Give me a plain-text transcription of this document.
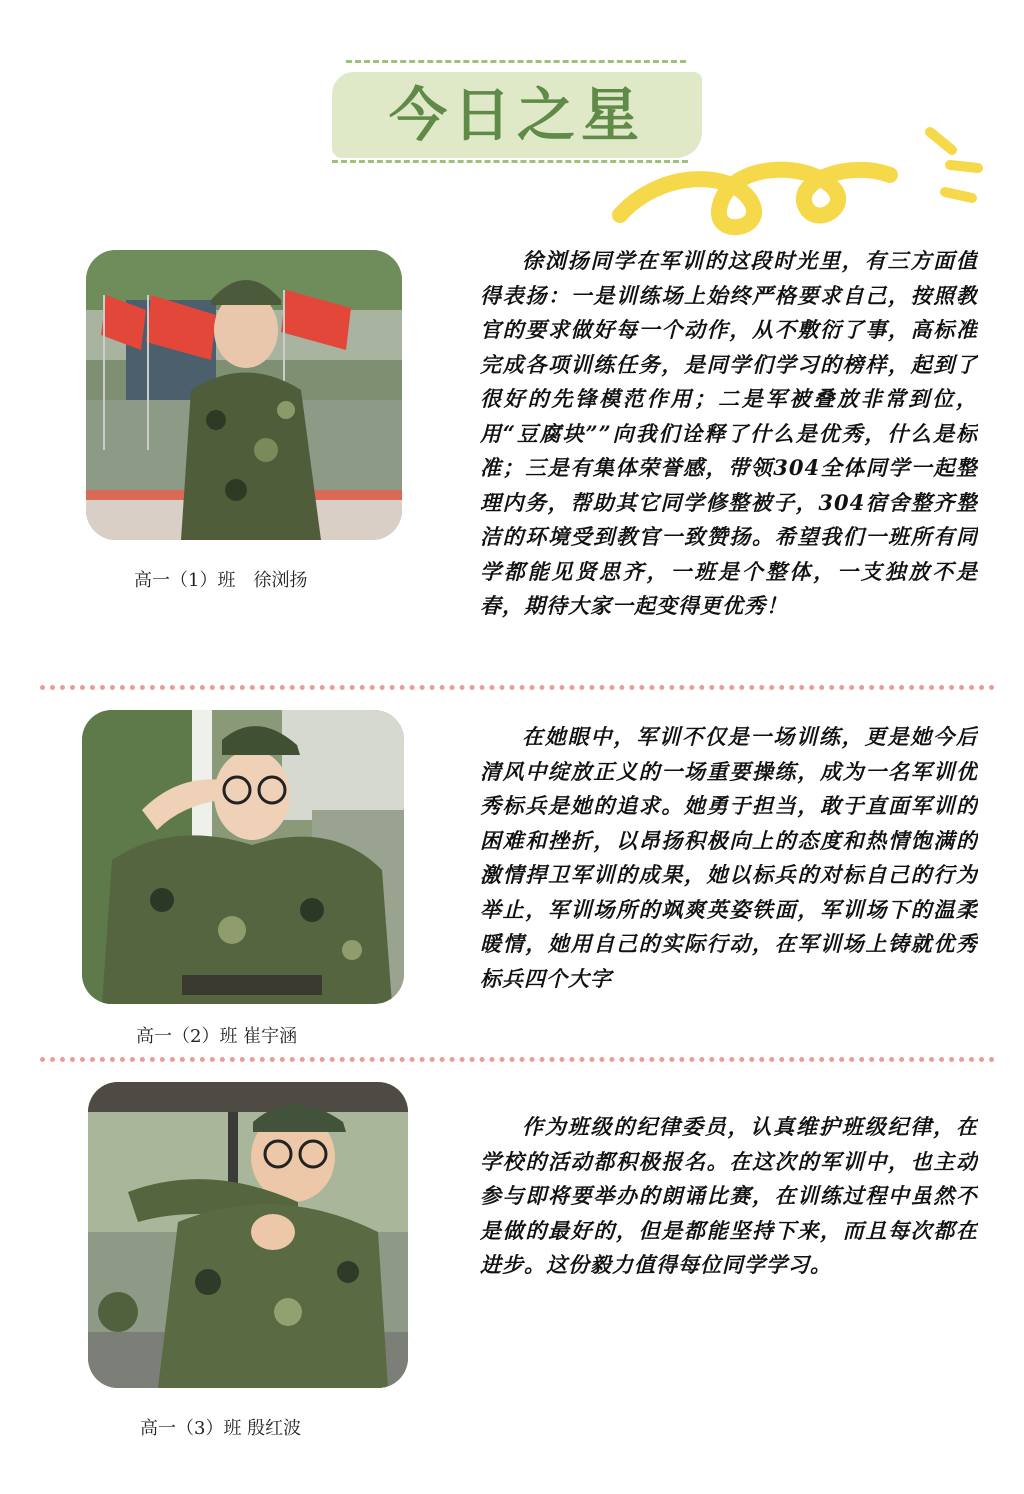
今日之星
高一（1）班　徐浏扬
徐浏扬同学在军训的这段时光里，有三方面值得表扬：一是训练场上始终严格要求自己，按照教官的要求做好每一个动作，从不敷衍了事，高标准完成各项训练任务，是同学们学习的榜样，起到了很好的先锋模范作用；二是军被叠放非常到位，用“豆腐块””向我们诠释了什么是优秀，什么是标准；三是有集体荣誉感，带领304全体同学一起整理内务，帮助其它同学修整被子，304宿舍整齐整洁的环境受到教官一致赞扬。希望我们一班所有同学都能见贤思齐，一班是个整体，一支独放不是春，期待大家一起变得更优秀！
高一（2）班 崔宇涵
在她眼中，军训不仅是一场训练，更是她今后清风中绽放正义的一场重要操练，成为一名军训优秀标兵是她的追求。她勇于担当，敢于直面军训的困难和挫折，以昂扬积极向上的态度和热情饱满的激情捍卫军训的成果，她以标兵的对标自己的行为举止，军训场所的飒爽英姿铁面，军训场下的温柔暖情，她用自己的实际行动，在军训场上铸就优秀标兵四个大字
高一（3）班 殷红波
作为班级的纪律委员，认真维护班级纪律，在学校的活动都积极报名。在这次的军训中，也主动参与即将要举办的朗诵比赛，在训练过程中虽然不是做的最好的，但是都能坚持下来，而且每次都在进步。这份毅力值得每位同学学习。
